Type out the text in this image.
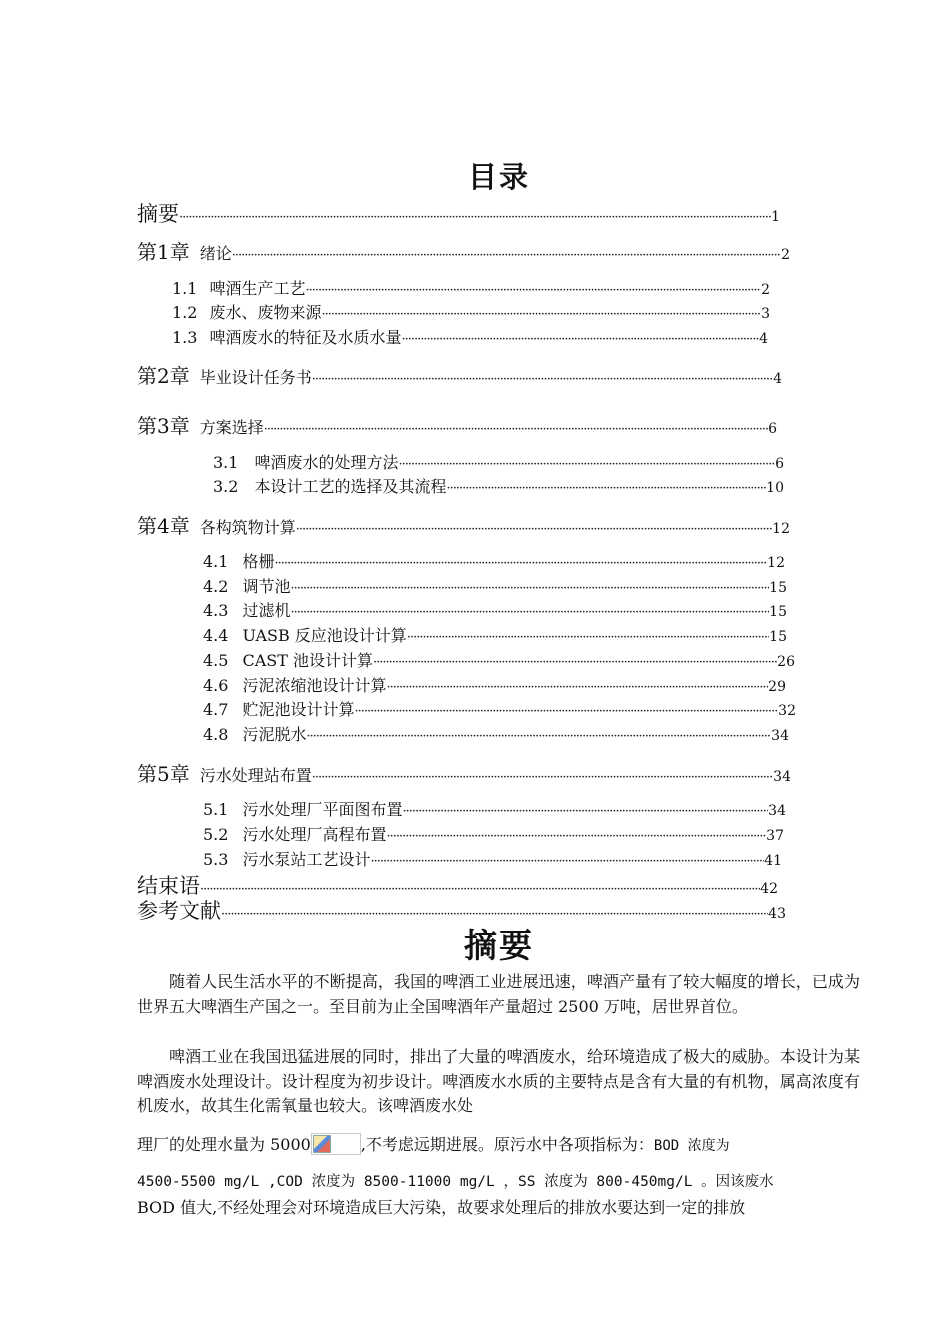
目录
摘要 ·····	1
第1章 绪论 ·····	2
1.1 啤酒生产工艺 ·····	2
1.2 废水、废物来源 ·····	3
1.3 啤酒废水的特征及水质水量 ·····	4
第2章 毕业设计任务书 ·····	4
第3章 方案选择 ·····	6
3.1 啤酒废水的处理方法 ·····	6
3.2 本设计工艺的选择及其流程 ·····	10
第4章 各构筑物计算 ·····	12
4.1 格栅 ·····	12
4.2 调节池 ·····	15
4.3 过滤机 ·····	15
4.4 UASB 反应池设计计算 ·····	15
4.5 CAST 池设计计算 ·····	26
4.6 污泥浓缩池设计计算 ·····	29
4.7 贮泥池设计计算 ·····	32
4.8 污泥脱水 ·····	34
第5章 污水处理站布置 ·····	34
5.1 污水处理厂平面图布置 ·····	34
5.2 污水处理厂高程布置 ·····	37
5.3 污水泵站工艺设计 ·····	41
结束语 ·····	42
参考文献 ·····	43
摘要
随着人民生活水平的不断提高，我国的啤酒工业进展迅速，啤酒产量有了较大幅度的增长，已成为世界五大啤酒生产国之一。至目前为止全国啤酒年产量超过 2500 万吨，居世界首位。
啤酒工业在我国迅猛进展的同时，排出了大量的啤酒废水，给环境造成了极大的威胁。本设计为某啤酒废水处理设计。设计程度为初步设计。啤酒废水水质的主要特点是含有大量的有机物，属高浓度有机废水，故其生化需氧量也较大。该啤酒废水处
理厂的处理水量为 5000	,不考虑远期进展。原污水中各项指标为：BOD 浓度为
4500-5500 mg/L ,COD 浓度为 8500-11000 mg/L ，SS 浓度为 800-450mg/L 。因该废水
BOD 值大,不经处理会对环境造成巨大污染，故要求处理后的排放水要达到一定的排放
